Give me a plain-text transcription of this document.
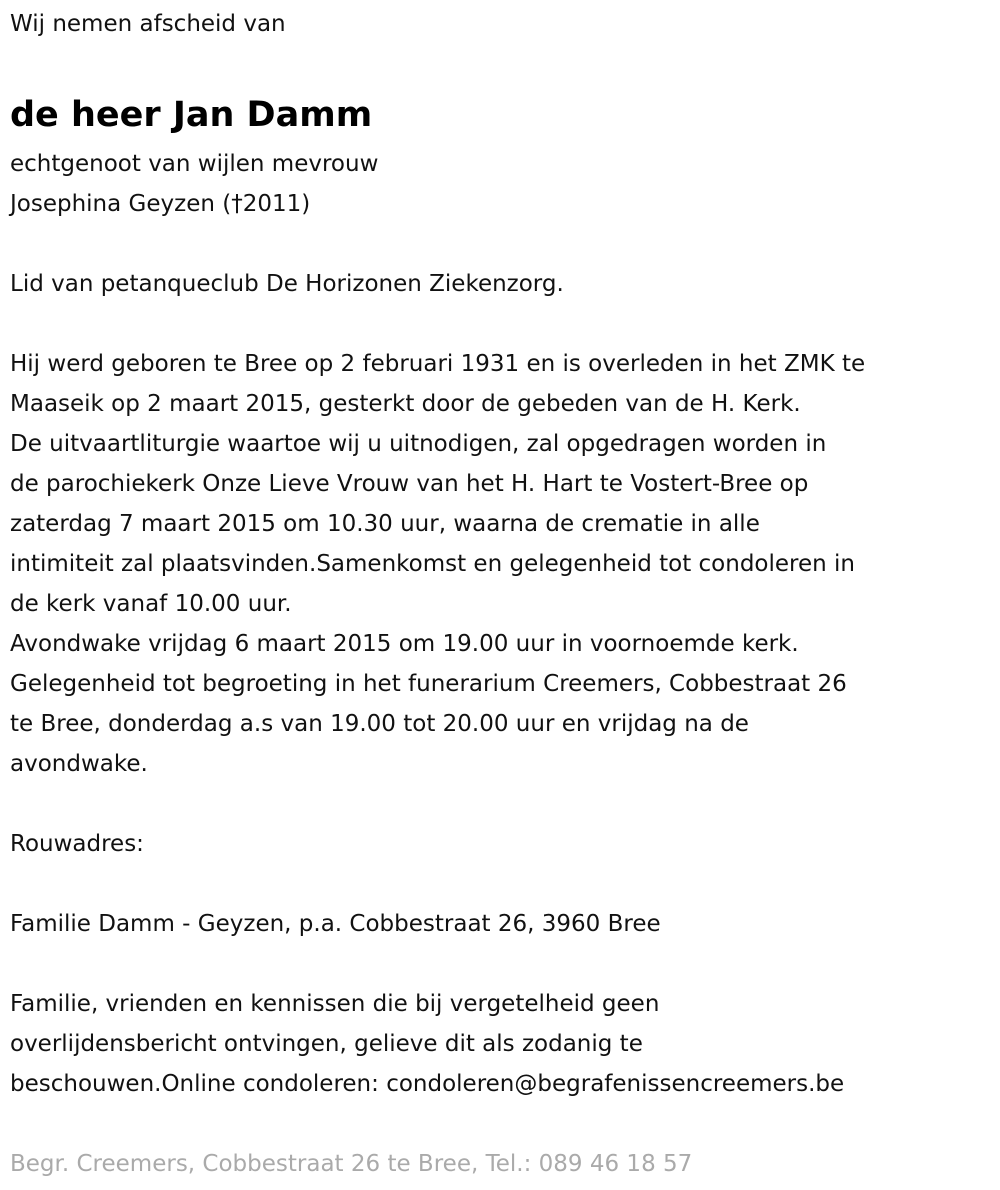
Wij nemen afscheid van
de heer Jan Damm
echtgenoot van wijlen mevrouw
Josephina Geyzen (†2011)
Lid van petanqueclub De Horizonen Ziekenzorg.
Hij werd geboren te Bree op 2 februari 1931 en is overleden in het ZMK te
Maaseik op 2 maart 2015, gesterkt door de gebeden van de H. Kerk.
De uitvaartliturgie waartoe wij u uitnodigen, zal opgedragen worden in
de parochiekerk Onze Lieve Vrouw van het H. Hart te Vostert-Bree op
zaterdag 7 maart 2015 om 10.30 uur, waarna de crematie in alle
intimiteit zal plaatsvinden.Samenkomst en gelegenheid tot condoleren in
de kerk vanaf 10.00 uur.
Avondwake vrijdag 6 maart 2015 om 19.00 uur in voornoemde kerk.
Gelegenheid tot begroeting in het funerarium Creemers, Cobbestraat 26
te Bree, donderdag a.s van 19.00 tot 20.00 uur en vrijdag na de
avondwake.
Rouwadres:
Familie Damm - Geyzen, p.a. Cobbestraat 26, 3960 Bree
Familie, vrienden en kennissen die bij vergetelheid geen
overlijdensbericht ontvingen, gelieve dit als zodanig te
beschouwen.Online condoleren: condoleren@begrafenissencreemers.be
Begr. Creemers, Cobbestraat 26 te Bree, Tel.: 089 46 18 57
